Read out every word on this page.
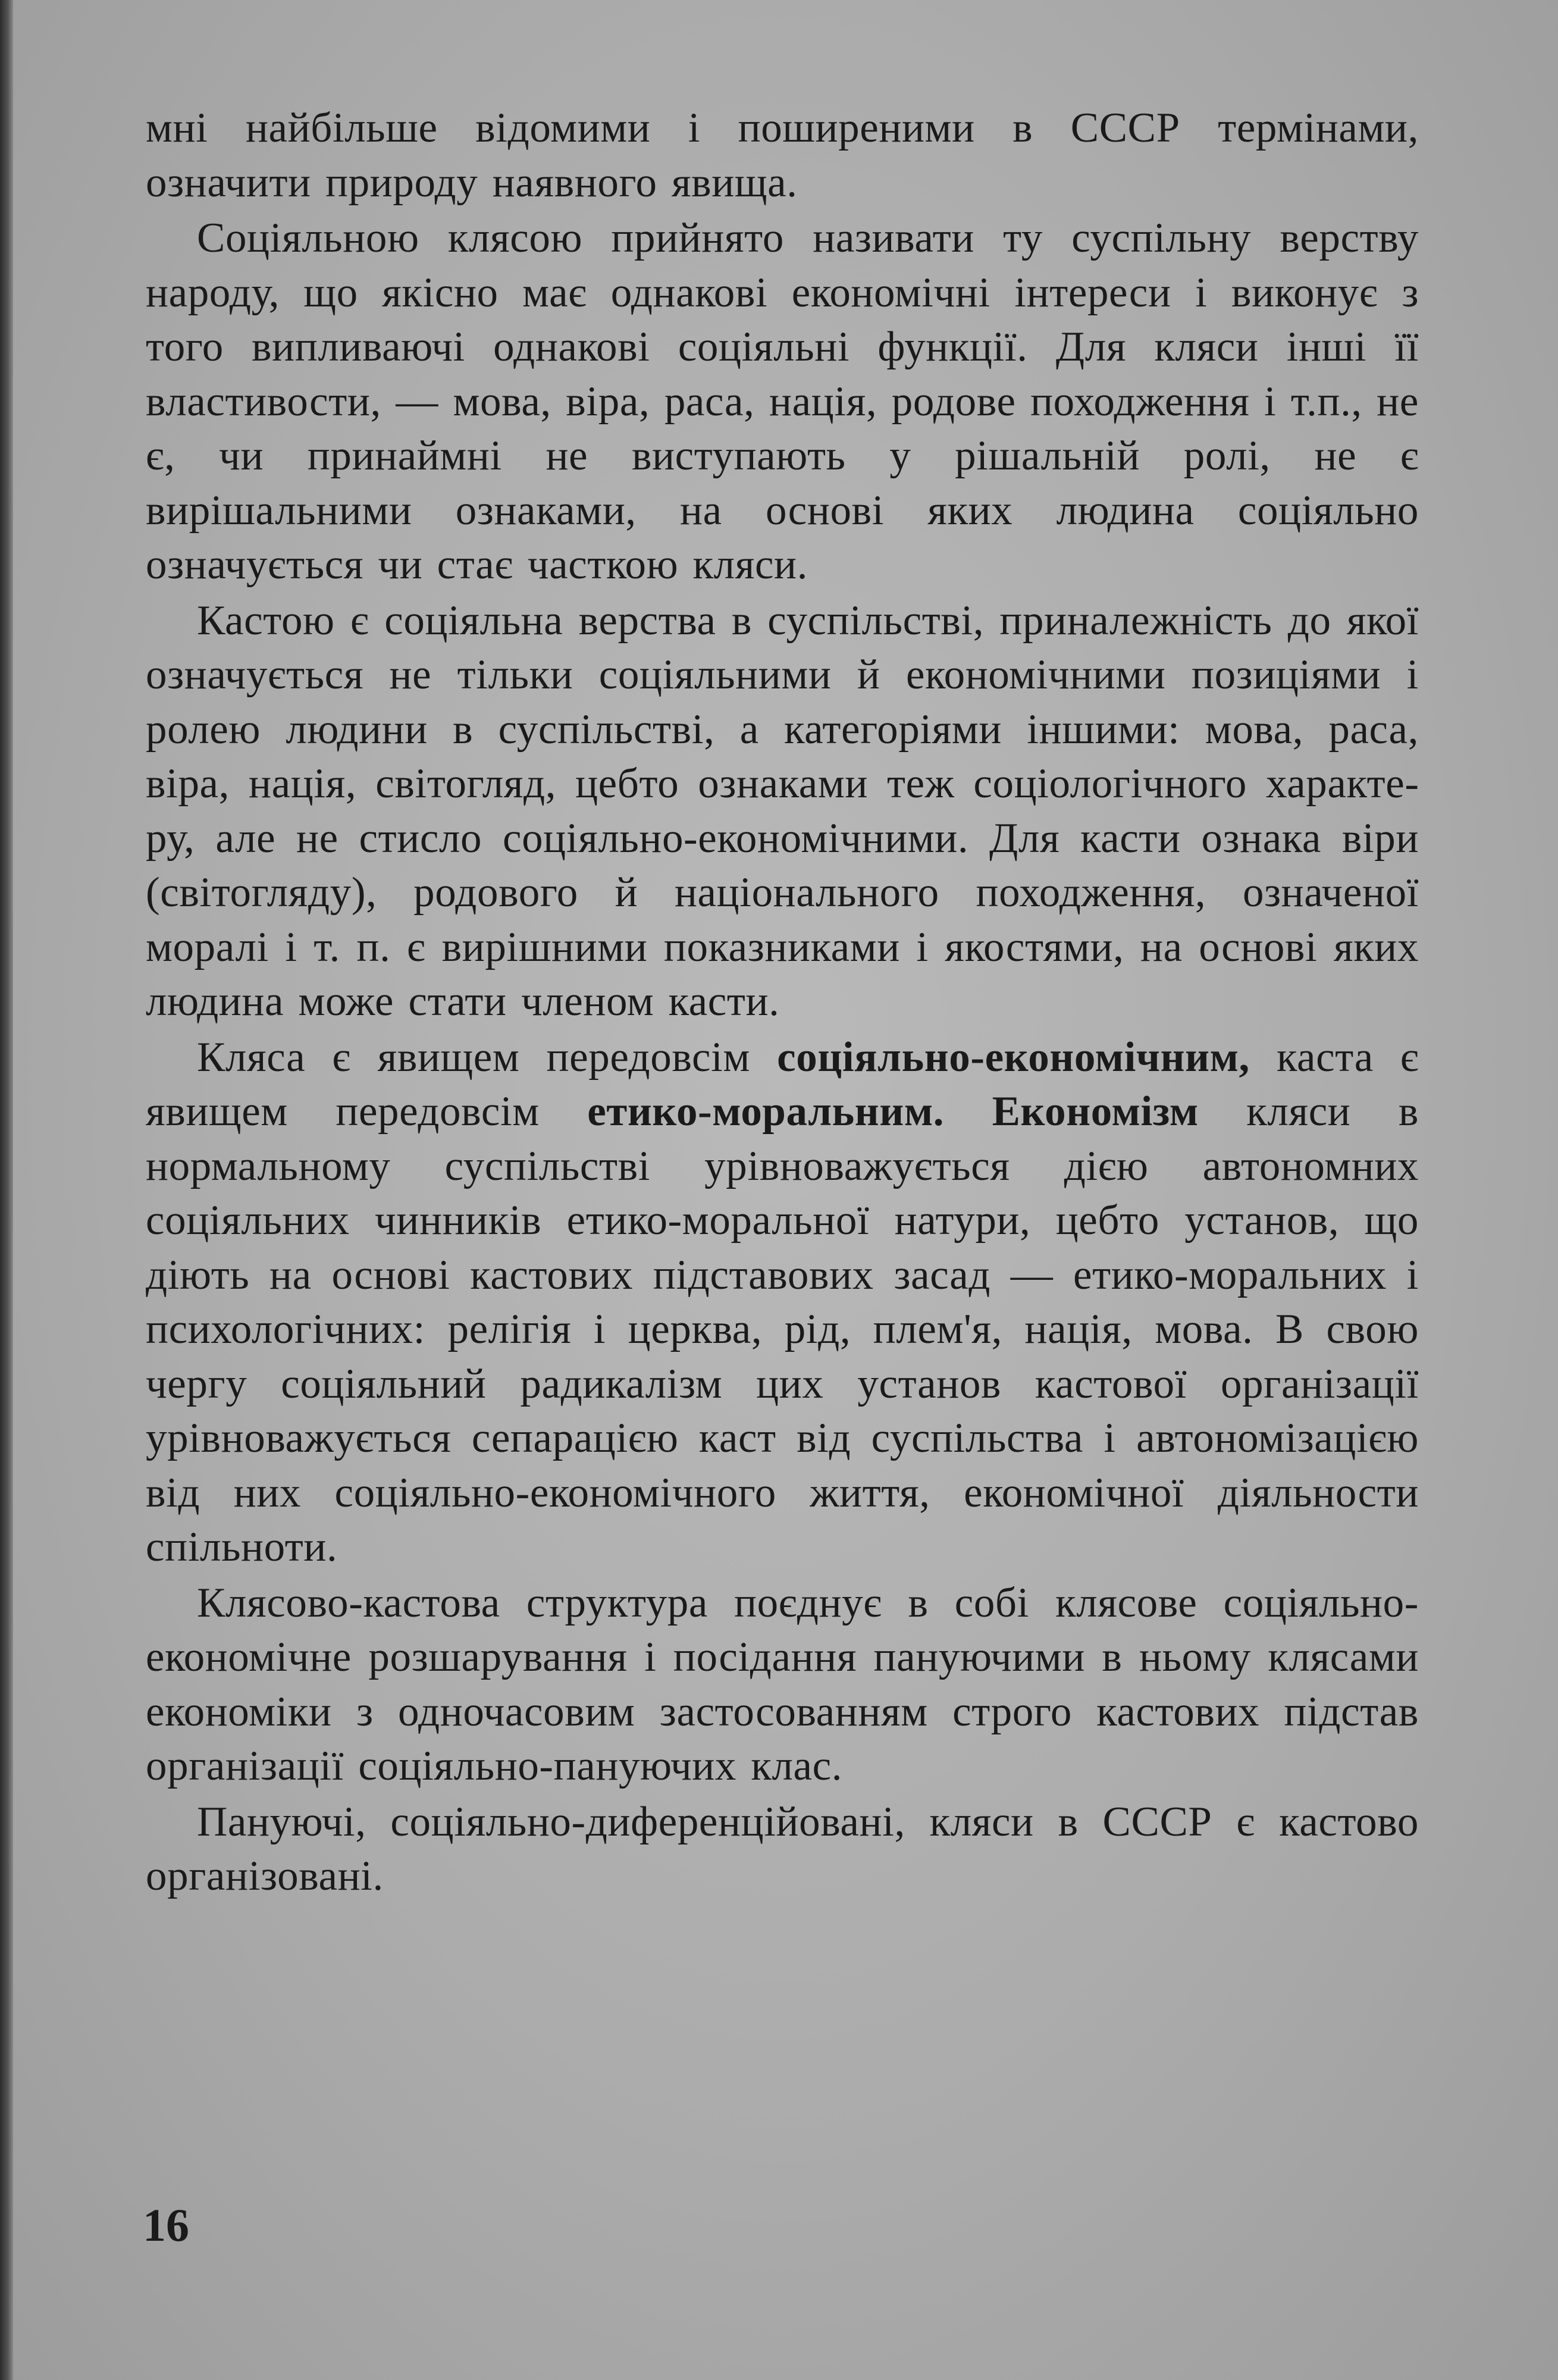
мні найбільше відомими і поширеними в СССР термінами, означити природу наявного явища.

Соціяльною клясою прийнято називати ту суспільну верству народу, що якісно має однакові економічні інтереси і виконує з того випливаючі однакові соціяльні функції. Для кляси інші її властивости, — мова, віра, раса, нація, родове походження і т.п., не є, чи принаймні не виступають у рішальній ролі, не є вирішальними ознаками, на основі яких людина соціяльно означується чи стає часткою кляси.

Кастою є соціяльна верства в суспільстві, приналежність до якої означується не тільки соціяльними й економічними позиціями і ролею людини в суспільстві, а категоріями іншими: мова, раса, віра, нація, світогляд, цебто ознаками теж соціологічного характеру, але не стисло соціяльно-економічними. Для касти ознака віри (світогляду), родового й національного походження, означеної моралі і т. п. є вирішними показниками і якостями, на основі яких людина може стати членом касти.

Кляса є явищем передовсім соціяльно-економічним, каста є явищем передовсім етико-моральним. Економізм кляси в нормальному суспільстві урівноважується дією автономних соціяльних чинників етико-моральної натури, цебто установ, що діють на основі кастових підставових засад — етико-моральних і психологічних: релігія і церква, рід, плем'я, нація, мова. В свою чергу соціяльний радикалізм цих установ кастової організації урівноважується сепарацією каст від суспільства і автономізацією від них соціяльно-економічного життя, економічної діяльности спільноти.

Клясово-кастова структура поєднує в собі клясове соціяльно-економічне розшарування і посідання пануючими в ньому клясами економіки з одночасовим застосованням строго кастових підстав організації соціяльно-пануючих клас.

Пануючі, соціяльно-диференційовані, кляси в СССР є кастово організовані.

16
